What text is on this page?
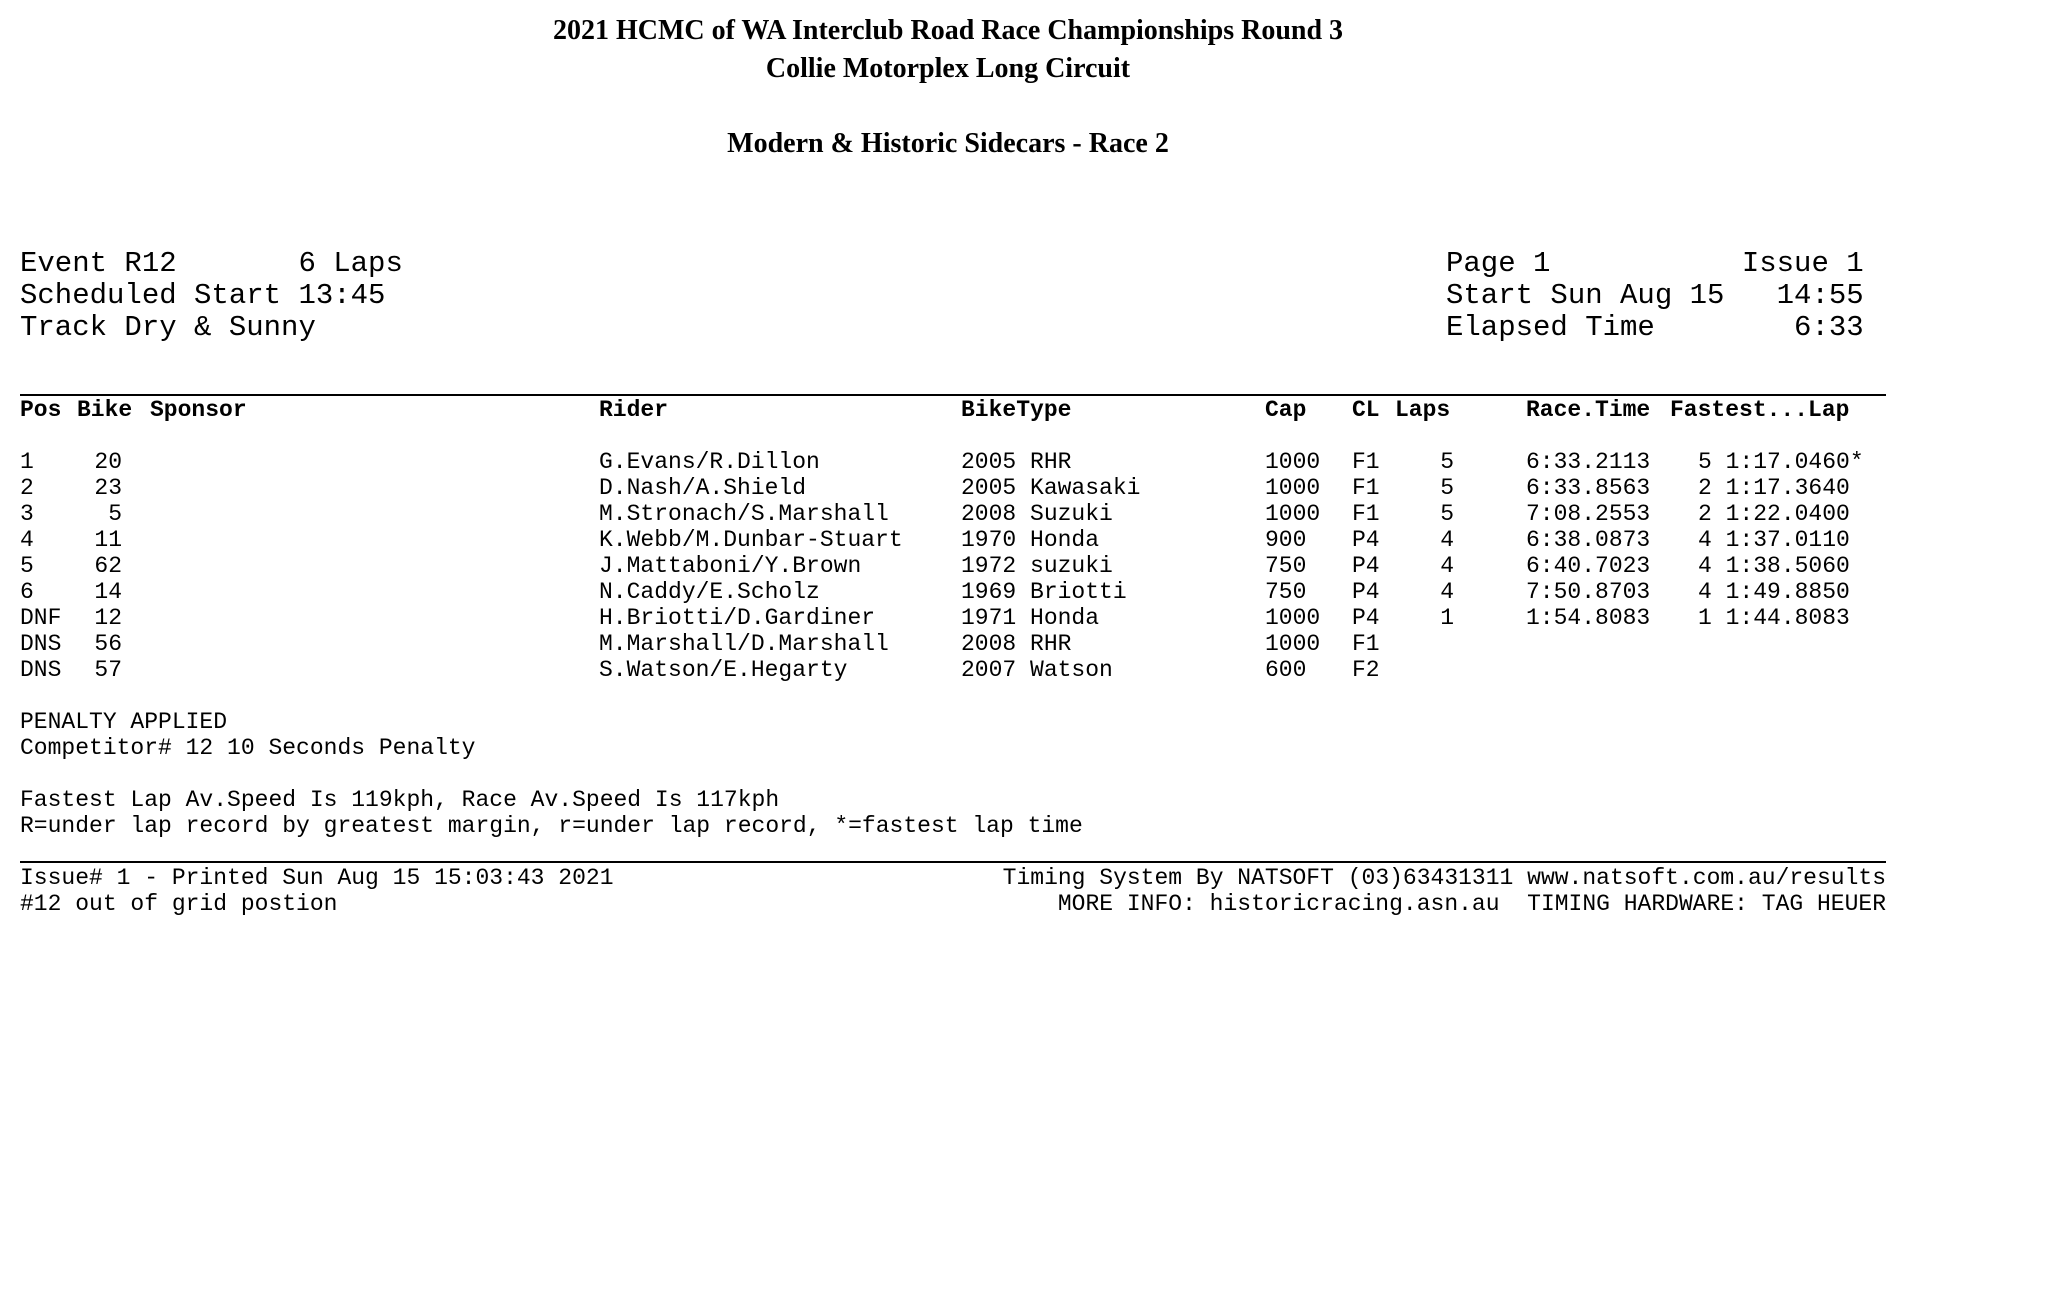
2021 HCMC of WA Interclub Road Race Championships Round 3
Collie Motorplex Long Circuit
Modern & Historic Sidecars - Race 2
Event R12       6 Laps
Scheduled Start 13:45
Track Dry & Sunny
Page 1           Issue 1
Start Sun Aug 15   14:55
Elapsed Time        6:33
Pos Bike Sponsor	Rider	BikeType	Cap CL Laps	Race.Time Fastest...Lap
1	20	G.Evans/R.Dillon	2005 RHR	1000 F1	5	6:33.2113 5 1:17.0460*
2	23	D.Nash/A.Shield	2005 Kawasaki	1000 F1	5	6:33.8563 2 1:17.3640
3	5	M.Stronach/S.Marshall	2008 Suzuki	1000 F1	5	7:08.2553 2 1:22.0400
4	11	K.Webb/M.Dunbar-Stuart	1970 Honda	900 P4	4	6:38.0873 4 1:37.0110
5	62	J.Mattaboni/Y.Brown	1972 suzuki	750 P4	4	6:40.7023 4 1:38.5060
6	14	N.Caddy/E.Scholz	1969 Briotti	750 P4	4	7:50.8703 4 1:49.8850
DNF	12	H.Briotti/D.Gardiner	1971 Honda	1000 P4	1	1:54.8083 1 1:44.8083
DNS	56	M.Marshall/D.Marshall	2008 RHR	1000 F1
DNS	57	S.Watson/E.Hegarty	2007 Watson	600 F2
PENALTY APPLIED
Competitor# 12 10 Seconds Penalty
Fastest Lap Av.Speed Is 119kph, Race Av.Speed Is 117kph
R=under lap record by greatest margin, r=under lap record, *=fastest lap time
Issue# 1 - Printed Sun Aug 15 15:03:43 2021
#12 out of grid postion
Timing System By NATSOFT (03)63431311 www.natsoft.com.au/results
MORE INFO: historicracing.asn.au  TIMING HARDWARE: TAG HEUER
